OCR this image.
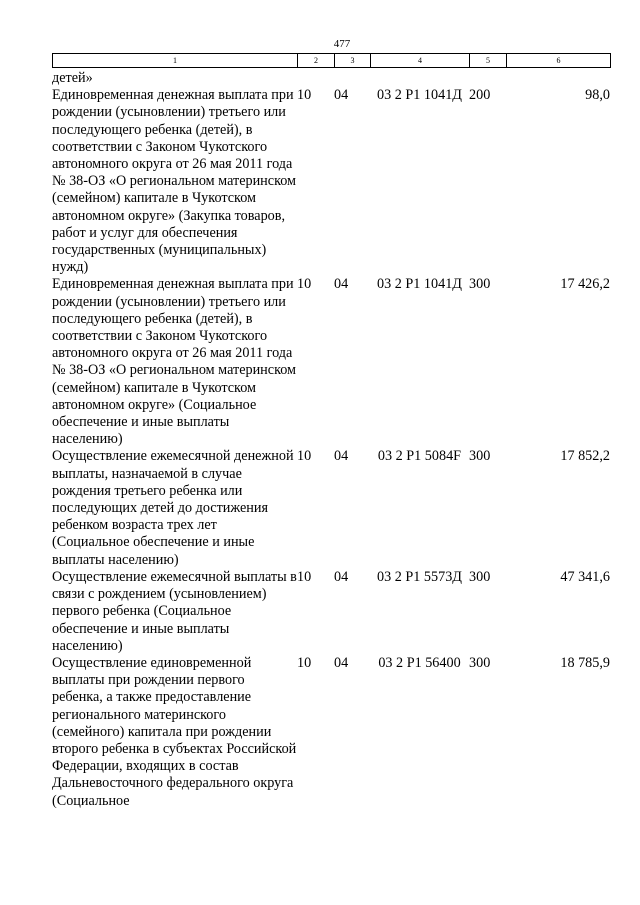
477
1	2	3	4	5	6
детей»					
Единовременная денежная выплата при рождении (усыновлении) третьего или последующего ребенка (детей), в соответствии с Законом Чукотского автономного округа от 26 мая 2011 года № 38-ОЗ «О региональном материнском (семейном) капитале в Чукотском автономном округе» (Закупка товаров, работ и услуг для обеспечения государственных (муниципальных) нужд)	10	04	03 2 Р1 1041Д	200	98,0
Единовременная денежная выплата при рождении (усыновлении) третьего или последующего ребенка (детей), в соответствии с Законом Чукотского автономного округа от 26 мая 2011 года № 38-ОЗ «О региональном материнском (семейном) капитале в Чукотском автономном округе» (Социальное обеспечение и иные выплаты населению)	10	04	03 2 Р1 1041Д	300	17 426,2
Осуществление ежемесячной денежной выплаты, назначаемой в случае рождения третьего ребенка или последующих детей до достижения ребенком возраста трех лет (Социальное обеспечение и иные выплаты населению)	10	04	03 2 Р1 5084F	300	17 852,2
Осуществление ежемесячной выплаты в связи с рождением (усыновлением) первого ребенка (Социальное обеспечение и иные выплаты населению)	10	04	03 2 Р1 5573Д	300	47 341,6
Осуществление единовременной выплаты при рождении первого ребенка, а также предоставление регионального материнского (семейного) капитала при рождении второго ребенка в субъектах Российской Федерации, входящих в состав Дальневосточного федерального округа (Социальное	10	04	03 2 Р1 56400	300	18 785,9
